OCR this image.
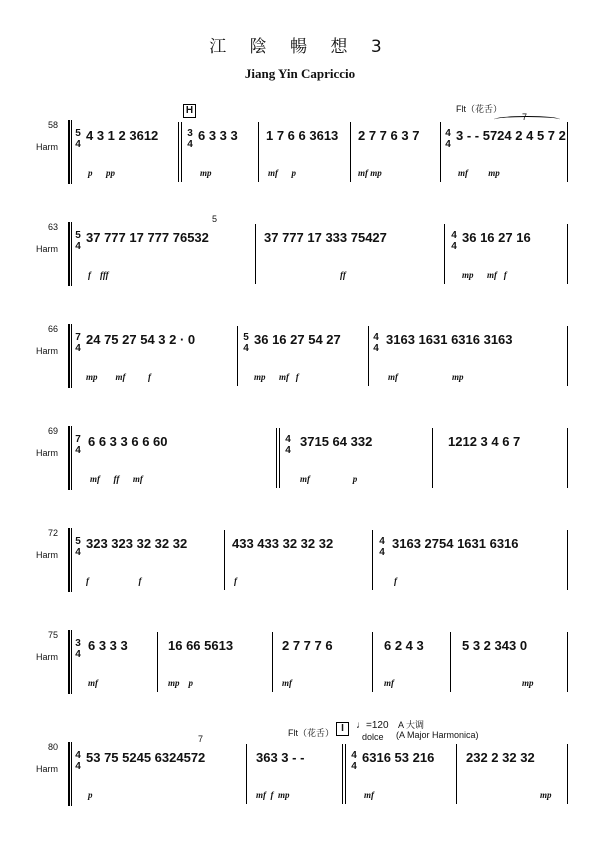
江 陰 暢 想 3
Jiang Yin Capriccio
58
Harm
H	Flt（花舌）
5
4
4 3 1 2 3612
p      pp
3
4
6 3 3 3
mp
1 7 6 6 3613
mf      p
2 7 7 6 3 7
mf mp
4
4
3 - - 5724 2 4 5 7 2
7
mf         mp
63
Harm
5
4
37 777 17 777 76532
5
f    fff
37 777 17 333 75427
ff
4
4
36 16 27 16
mp      mf   f
66
Harm
7
4
24 75 27 54 3 2 · 0
mp        mf          f
5
4
36 16 27 54 27
mp      mf   f
4
4
3163 1631 6316 3163
mf                        mp
69
Harm
7
4
6 6 3 3 6 6 60
mf      ff      mf
4
4
3715 64 332
mf                   p
1212 3 4 6 7
72
Harm
5
4
323 323 32 32 32
f                      f
433 433 32 32 32
f
4
4
3163 2754 1631 6316
f
75
Harm
3
4
6 3 3 3
mf
16 66 5613
mp    p
2 7 7 7 6
mf
6 2 4 3
mf
5 3 2 343 0
mp
80
Harm
Flt（花舌） I	♩=120
dolce
A 大调
(A Major Harmonica)
4
4
53 75 5245 6324572
7
p
363 3 - -
mf  f  mp
4
4
6316 53 216
mf
232 2 32 32
mp
